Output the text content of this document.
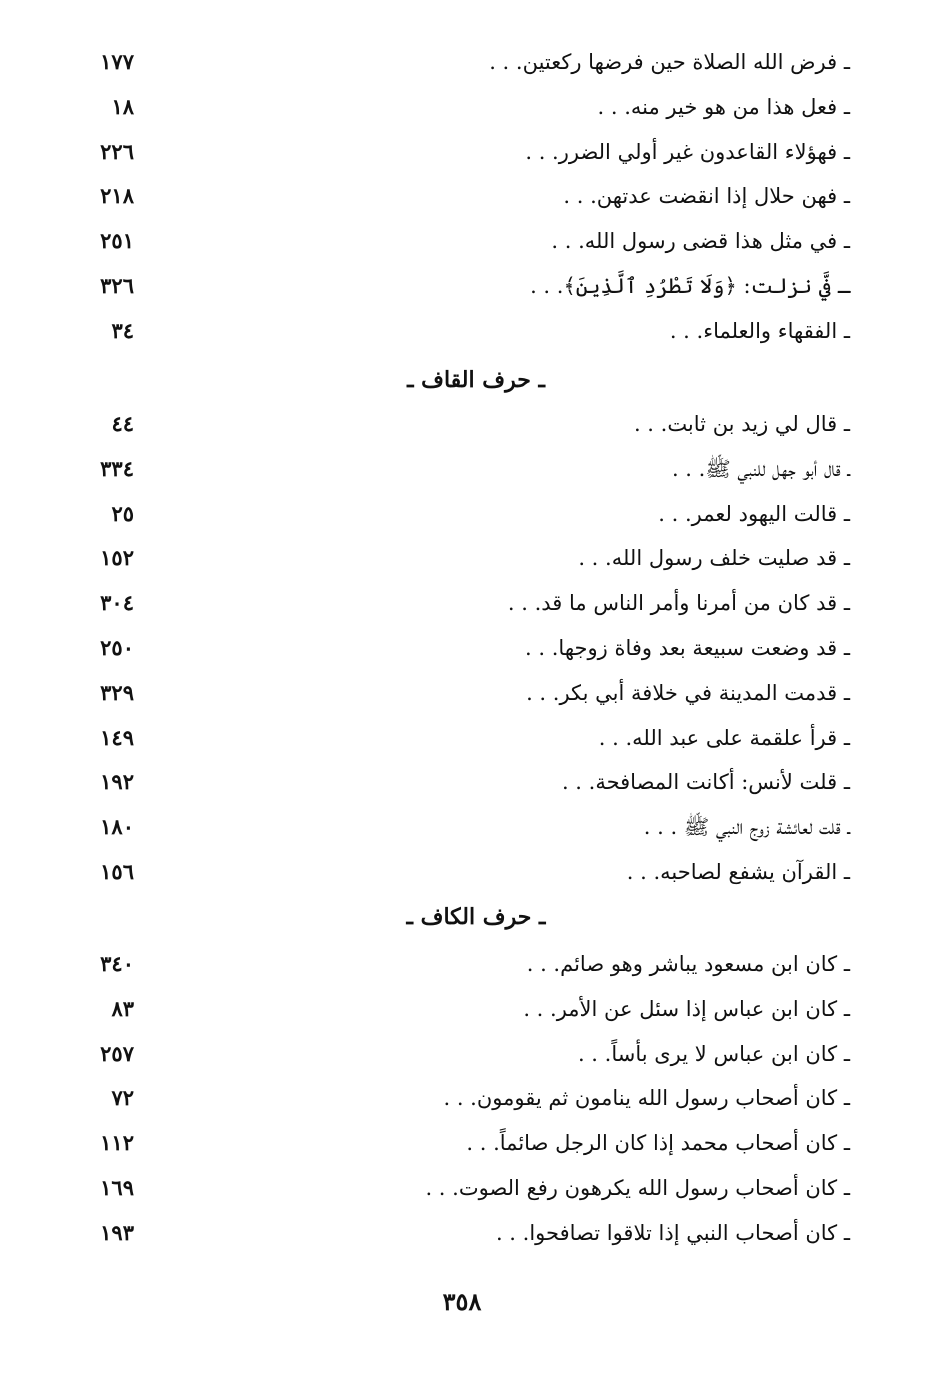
ـ فرض الله الصلاة حين فرضها ركعتين. . .
١٧٧
ـ فعل هذا من هو خير منه. . .
١٨
ـ فهؤلاء القاعدون غير أولي الضرر. . .
٢٢٦
ـ فهن حلال إذا انقضت عدتهن. . .
٢١٨
ـ في مثل هذا قضى رسول الله. . .
٢٥١
ـ فيَّ نزلت: ﴿وَلَا تَطْرُدِ ٱلَّذِينَ﴾. . .
٣٢٦
ـ الفقهاء والعلماء. . .
٣٤
ـ حرف القاف ـ
ـ قال لي زيد بن ثابت. . .
٤٤
ـ قال أبو جهل للنبي ﷺ. . .
٣٣٤
ـ قالت اليهود لعمر. . .
٢٥
ـ قد صليت خلف رسول الله. . .
١٥٢
ـ قد كان من أمرنا وأمر الناس ما قد. . .
٣٠٤
ـ قد وضعت سبيعة بعد وفاة زوجها. . .
٢٥٠
ـ قدمت المدينة في خلافة أبي بكر. . .
٣٢٩
ـ قرأ علقمة على عبد الله. . .
١٤٩
ـ قلت لأنس: أكانت المصافحة. . .
١٩٢
ـ قلت لعائشة زوج النبي ﷺ . . .
١٨٠
ـ القرآن يشفع لصاحبه. . .
١٥٦
ـ حرف الكاف ـ
ـ كان ابن مسعود يباشر وهو صائم. . .
٣٤٠
ـ كان ابن عباس إذا سئل عن الأمر. . .
٨٣
ـ كان ابن عباس لا يرى بأساً. . .
٢٥٧
ـ كان أصحاب رسول الله ينامون ثم يقومون. . .
٧٢
ـ كان أصحاب محمد إذا كان الرجل صائماً. . .
١١٢
ـ كان أصحاب رسول الله يكرهون رفع الصوت. . .
١٦٩
ـ كان أصحاب النبي إذا تلاقوا تصافحوا. . .
١٩٣
٣٥٨
